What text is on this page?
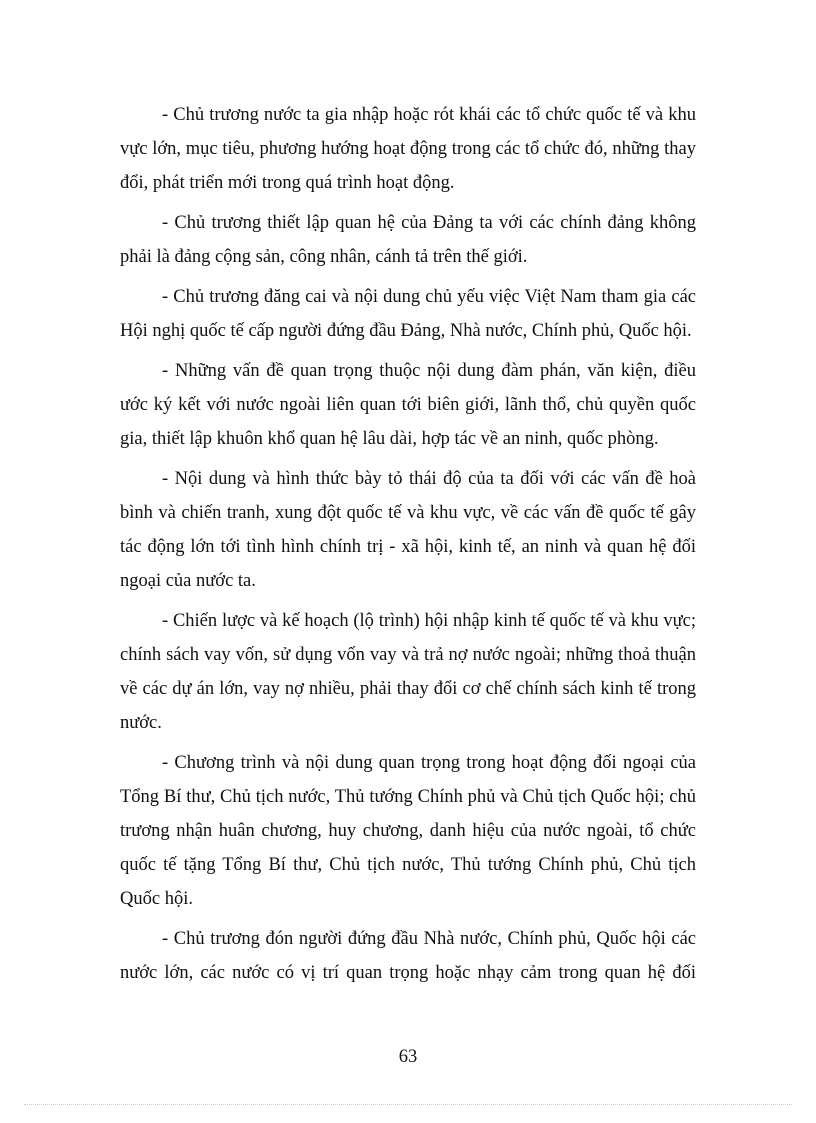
- Chủ trương nước ta gia nhập hoặc rót khái các tổ chức quốc tế và khu vực lớn, mục tiêu, phương hướng hoạt động trong các tổ chức đó, những thay đổi, phát triển mới trong quá trình hoạt động.

- Chủ trương thiết lập quan hệ của Đảng ta với các chính đảng không phải là đảng cộng sản, công nhân, cánh tả trên thế giới.

- Chủ trương đăng cai và nội dung chủ yếu việc Việt Nam tham gia các Hội nghị quốc tế cấp người đứng đầu Đảng, Nhà nước, Chính phủ, Quốc hội.

- Những vấn đề quan trọng thuộc nội dung đàm phán, văn kiện, điều ước ký kết với nước ngoài liên quan tới biên giới, lãnh thổ, chủ quyền quốc gia, thiết lập khuôn khổ quan hệ lâu dài, hợp tác về an ninh, quốc phòng.

- Nội dung và hình thức bày tỏ thái độ của ta đối với các vấn đề hoà bình và chiến tranh, xung đột quốc tế và khu vực, về các vấn đề quốc tế gây tác động lớn tới tình hình chính trị - xã hội, kinh tế, an ninh và quan hệ đối ngoại của nước ta.

- Chiến lược và kế hoạch (lộ trình) hội nhập kinh tế quốc tế và khu vực; chính sách vay vốn, sử dụng vốn vay và trả nợ nước ngoài; những thoả thuận về các dự án lớn, vay nợ nhiều, phải thay đổi cơ chế chính sách kinh tế trong nước.

- Chương trình và nội dung quan trọng trong hoạt động đối ngoại của Tổng Bí thư, Chủ tịch nước, Thủ tướng Chính phủ và Chủ tịch Quốc hội; chủ trương nhận huân chương, huy chương, danh hiệu của nước ngoài, tổ chức quốc tế tặng Tổng Bí thư, Chủ tịch nước, Thủ tướng Chính phủ, Chủ tịch Quốc hội.

- Chủ trương đón người đứng đầu Nhà nước, Chính phủ, Quốc hội các nước lớn, các nước có vị trí quan trọng hoặc nhạy cảm trong quan hệ đối

63
